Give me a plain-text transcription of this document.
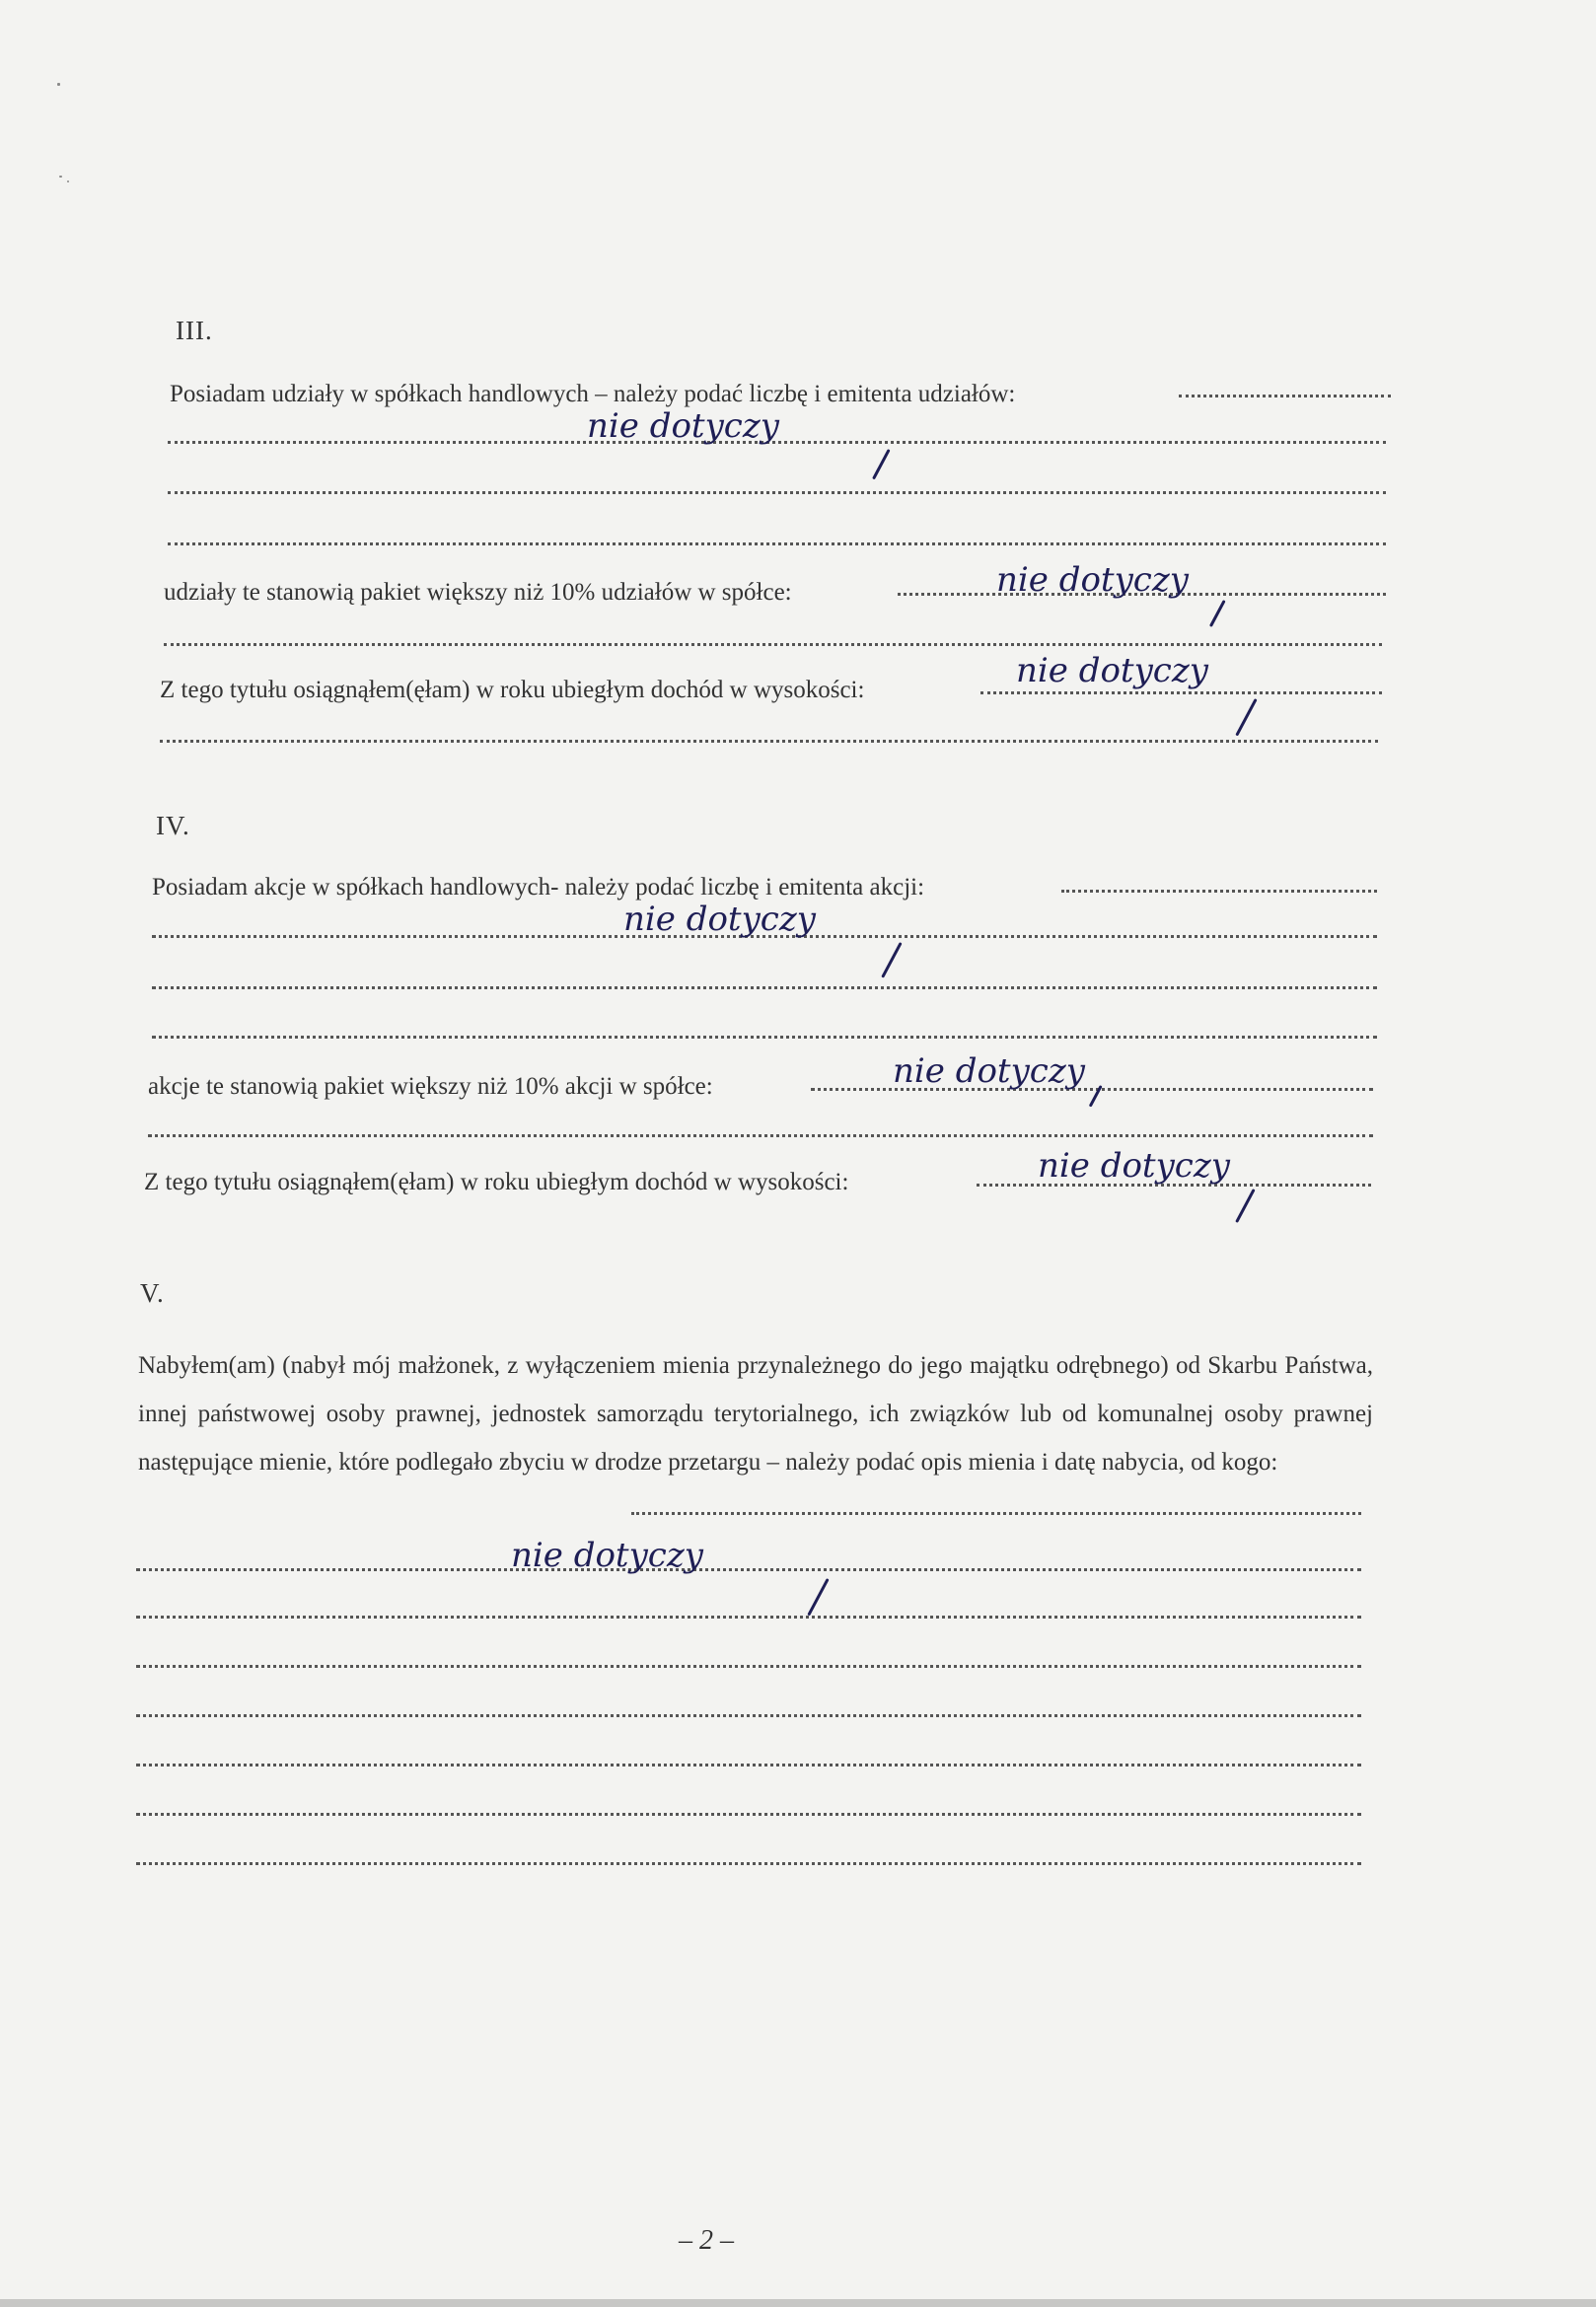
III.
Posiadam udziały w spółkach handlowych – należy podać liczbę i emitenta udziałów:
nie dotyczy
udziały te stanowią pakiet większy niż 10% udziałów w spółce:	nie dotyczy
Z tego tytułu osiągnąłem(ęłam) w roku ubiegłym dochód w wysokości:	nie dotyczy
IV.
Posiadam akcje w spółkach handlowych- należy podać liczbę i emitenta akcji:
nie dotyczy
akcje te stanowią pakiet większy niż 10% akcji w spółce:	nie dotyczy
Z tego tytułu osiągnąłem(ęłam) w roku ubiegłym dochód w wysokości:	nie dotyczy
V.
Nabyłem(am) (nabył mój małżonek, z wyłączeniem mienia przynależnego do jego majątku odrębnego) od Skarbu Państwa, innej państwowej osoby prawnej, jednostek samorządu terytorialnego, ich związków lub od komunalnej osoby prawnej następujące mienie, które podlegało zbyciu w drodze przetargu – należy podać opis mienia i datę nabycia, od kogo:
nie dotyczy
– 2 –
